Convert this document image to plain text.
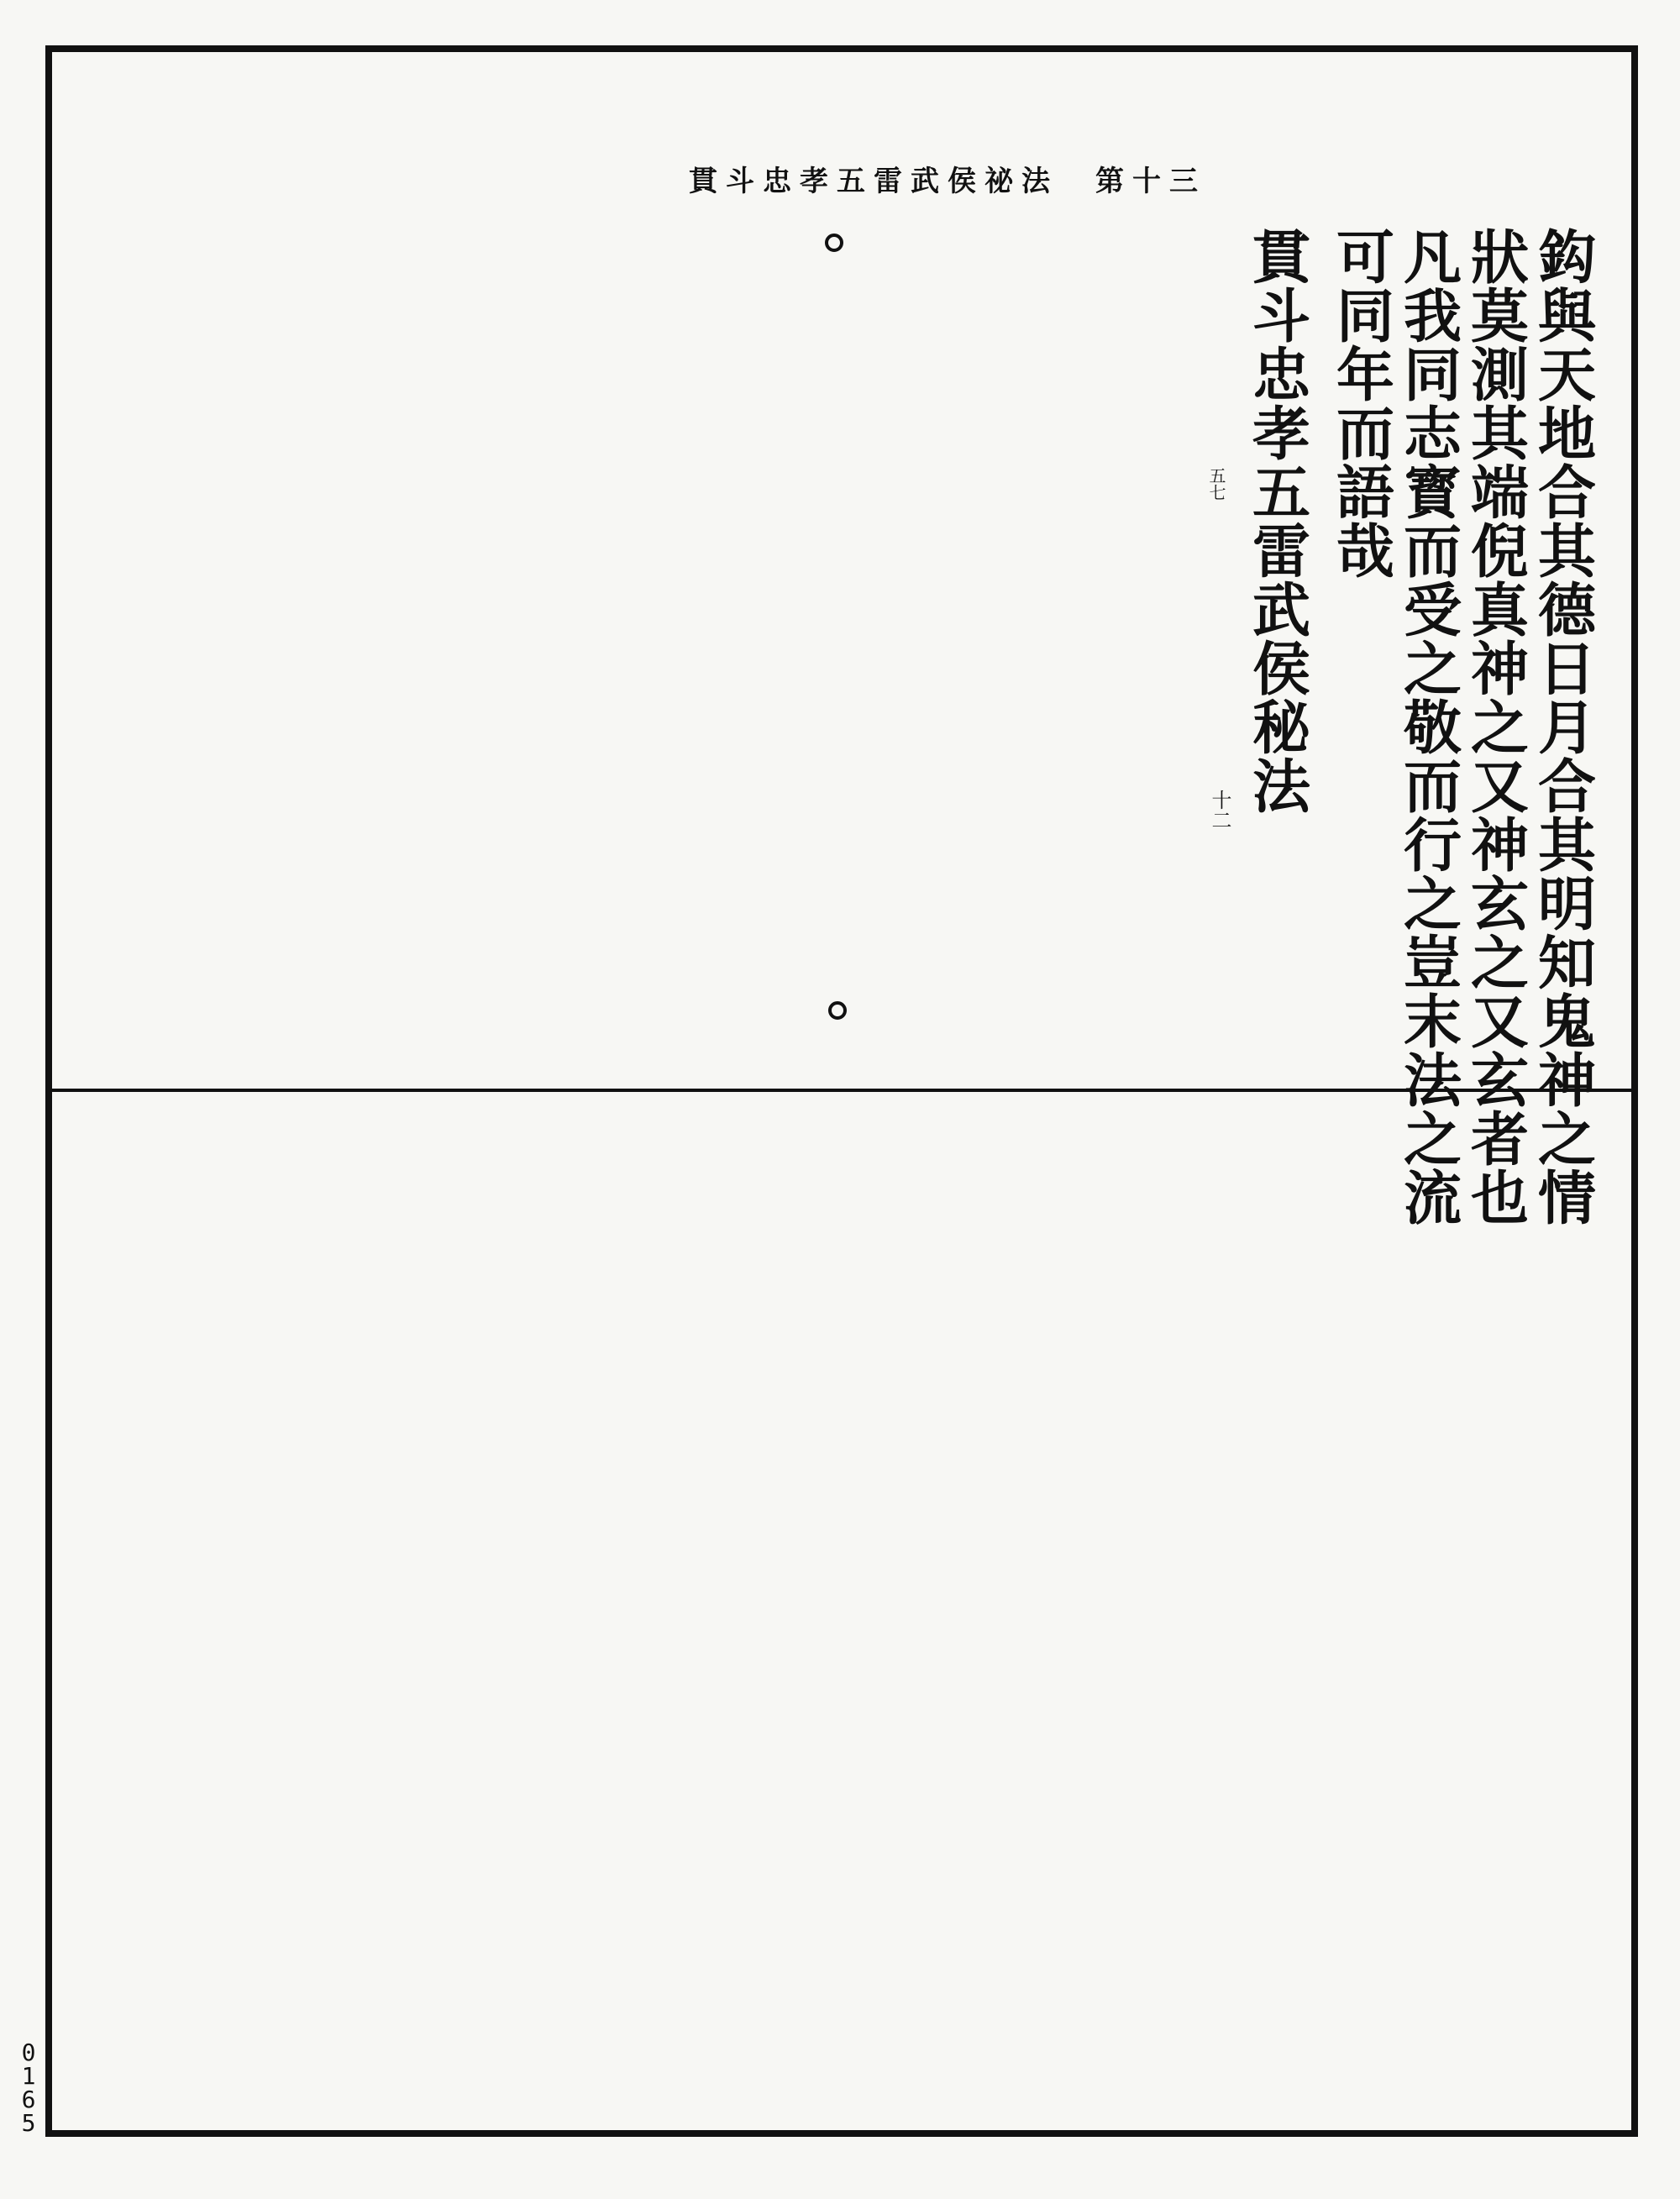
貫斗忠孝五雷武侯祕法　第十三
鈎與天地合其德日月合其明知鬼神之情
狀莫測其端倪真神之又神玄之又玄者也
凡我同志寳而受之敬而行之豈末法之流
可同年而語哉
貫斗忠孝五雷武侯秘法
五七
十二
0
1
6
5
